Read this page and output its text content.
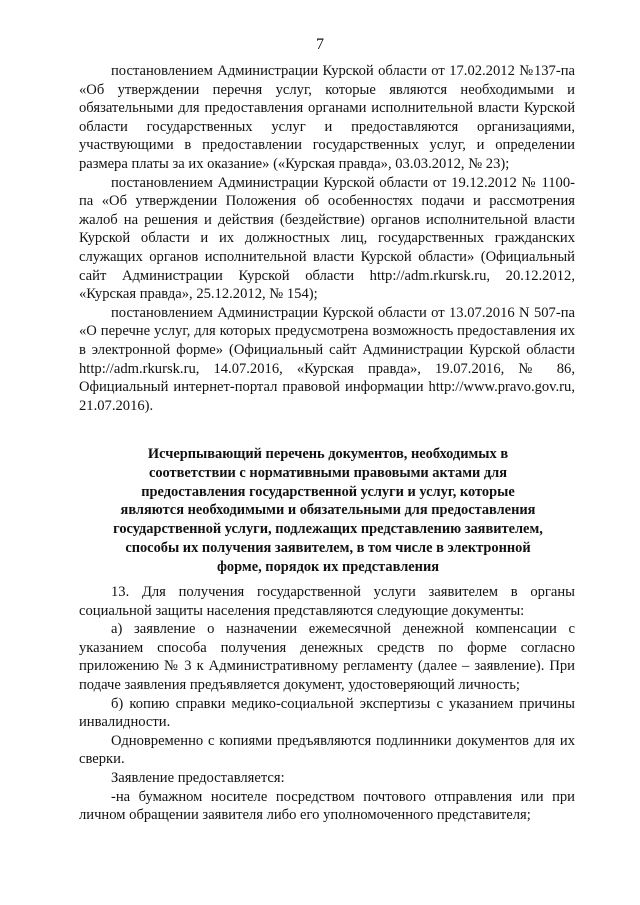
7

постановлением Администрации Курской области от 17.02.2012 №137-па «Об утверждении перечня услуг, которые являются необходимыми и обязательными для предоставления органами исполнительной власти Курской области государственных услуг и предоставляются организациями, участвующими в предоставлении государственных услуг, и определении размера платы за их оказание» («Курская правда», 03.03.2012, № 23);

постановлением Администрации Курской области от 19.12.2012 № 1100-па «Об утверждении Положения об особенностях подачи и рассмотрения жалоб на решения и действия (бездействие) органов исполнительной власти Курской области и их должностных лиц, государственных гражданских служащих органов исполнительной власти Курской области» (Официальный сайт Администрации Курской области http://adm.rkursk.ru, 20.12.2012, «Курская правда», 25.12.2012, № 154);

постановлением Администрации Курской области от 13.07.2016 N 507-па «О перечне услуг, для которых предусмотрена возможность предоставления их в электронной форме» (Официальный сайт Администрации Курской области http://adm.rkursk.ru, 14.07.2016, «Курская правда», 19.07.2016, № 86, Официальный интернет-портал правовой информации http://www.pravo.gov.ru, 21.07.2016).

Исчерпывающий перечень документов, необходимых в соответствии с нормативными правовыми актами для предоставления государственной услуги и услуг, которые являются необходимыми и обязательными для предоставления государственной услуги, подлежащих представлению заявителем, способы их получения заявителем, в том числе в электронной форме, порядок их представления

13. Для получения государственной услуги заявителем в органы социальной защиты населения представляются следующие документы:

а) заявление о назначении ежемесячной денежной компенсации с указанием способа получения денежных средств по форме согласно приложению № 3 к Административному регламенту (далее – заявление). При подаче заявления предъявляется документ, удостоверяющий личность;

б) копию справки медико-социальной экспертизы с указанием причины инвалидности.

Одновременно с копиями предъявляются подлинники документов для их сверки.

Заявление предоставляется:

-на бумажном носителе посредством почтового отправления или при личном обращении заявителя либо его уполномоченного представителя;
